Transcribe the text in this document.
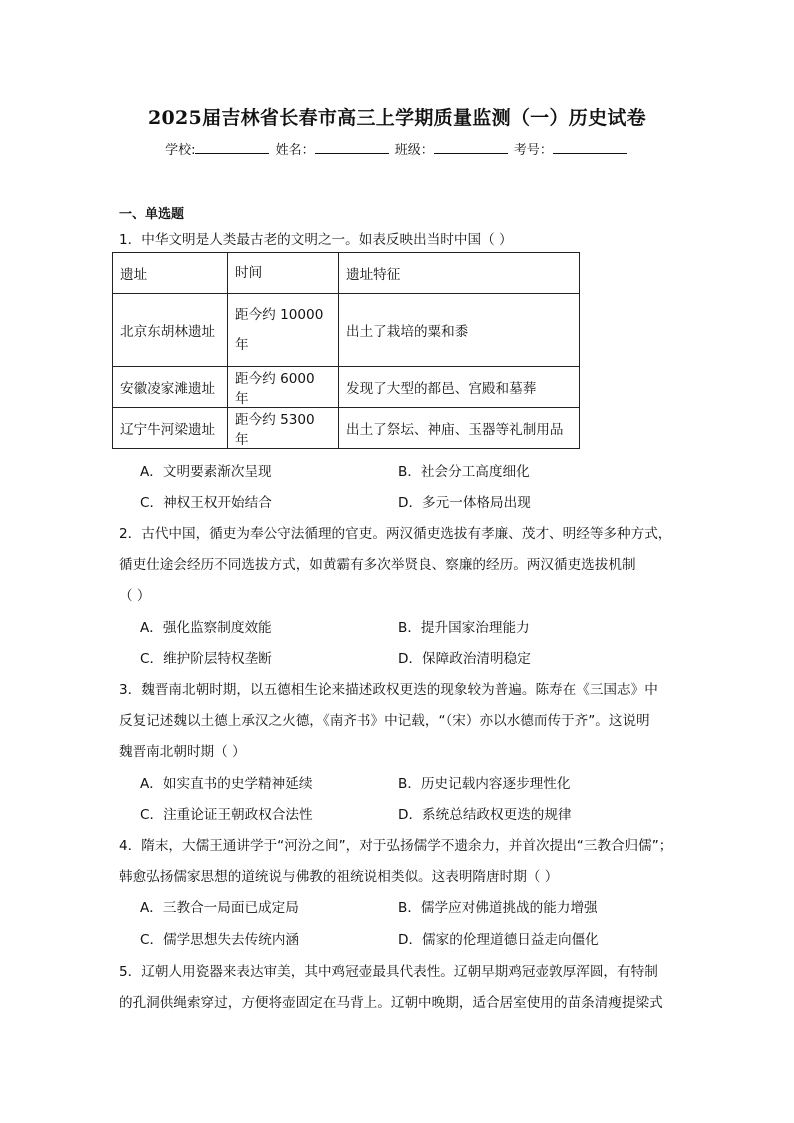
2025届吉林省长春市高三上学期质量监测（一）历史试卷
学校:	姓名：	班级：	考号：
一、单选题
1．中华文明是人类最古老的文明之一。如表反映出当时中国（ ）
遗址	时间	遗址特征
北京东胡林遗址	距今约 10000 年	出土了栽培的粟和黍
安徽凌家滩遗址	距今约 6000 年	发现了大型的都邑、宫殿和墓葬
辽宁牛河梁遗址	距今约 5300 年	出土了祭坛、神庙、玉器等礼制用品
A．文明要素渐次呈现	B．社会分工高度细化
C．神权王权开始结合	D．多元一体格局出现
2．古代中国，循吏为奉公守法循理的官吏。两汉循吏选拔有孝廉、茂才、明经等多种方式，
循吏仕途会经历不同选拔方式，如黄霸有多次举贤良、察廉的经历。两汉循吏选拔机制
（ ）
A．强化监察制度效能	B．提升国家治理能力
C．维护阶层特权垄断	D．保障政治清明稳定
3．魏晋南北朝时期，以五德相生论来描述政权更迭的现象较为普遍。陈寿在《三国志》中
反复记述魏以土德上承汉之火德，《南齐书》中记载，“（宋）亦以水德而传于齐”。这说明
魏晋南北朝时期（ ）
A．如实直书的史学精神延续	B．历史记载内容逐步理性化
C．注重论证王朝政权合法性	D．系统总结政权更迭的规律
4．隋末，大儒王通讲学于“河汾之间”，对于弘扬儒学不遗余力，并首次提出“三教合归儒”；
韩愈弘扬儒家思想的道统说与佛教的祖统说相类似。这表明隋唐时期（ ）
A．三教合一局面已成定局	B．儒学应对佛道挑战的能力增强
C．儒学思想失去传统内涵	D．儒家的伦理道德日益走向僵化
5．辽朝人用瓷器来表达审美，其中鸡冠壶最具代表性。辽朝早期鸡冠壶敦厚浑圆，有特制
的孔洞供绳索穿过，方便将壶固定在马背上。辽朝中晚期，适合居室使用的苗条清瘦提梁式
